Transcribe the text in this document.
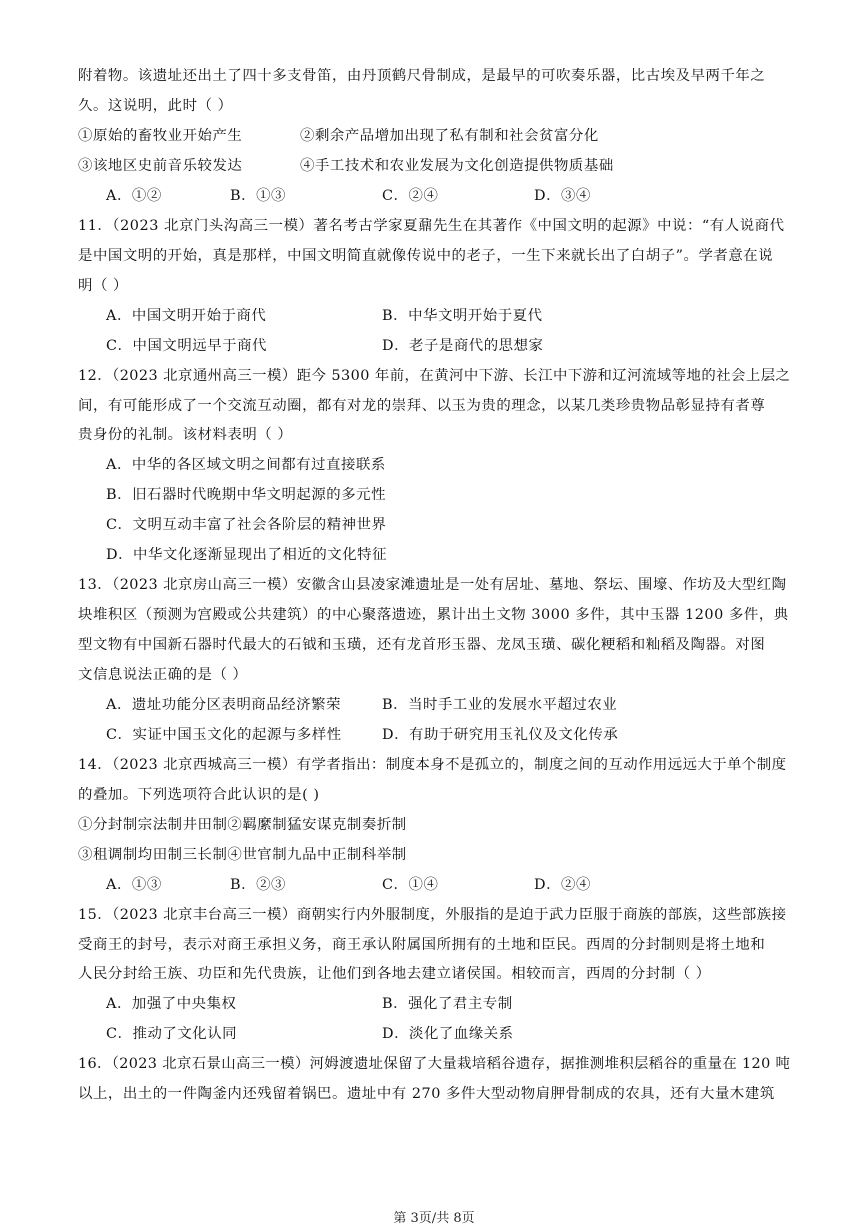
附着物。该遗址还出土了四十多支骨笛，由丹顶鹤尺骨制成，是最早的可吹奏乐器，比古埃及早两千年之
久。这说明，此时（ ）
①原始的畜牧业开始产生	②剩余产品增加出现了私有制和社会贫富分化
③该地区史前音乐较发达	④手工技术和农业发展为文化创造提供物质基础
A．①②	B．①③	C．②④	D．③④
11．（2023 北京门头沟高三一模）著名考古学家夏鼐先生在其著作《中国文明的起源》中说：“有人说商代
是中国文明的开始，真是那样，中国文明简直就像传说中的老子，一生下来就长出了白胡子”。学者意在说
明（ ）
A．中国文明开始于商代	B．中华文明开始于夏代
C．中国文明远早于商代	D．老子是商代的思想家
12．（2023 北京通州高三一模）距今 5300 年前，在黄河中下游、长江中下游和辽河流域等地的社会上层之
间，有可能形成了一个交流互动圈，都有对龙的崇拜、以玉为贵的理念，以某几类珍贵物品彰显持有者尊
贵身份的礼制。该材料表明（ ）
A．中华的各区域文明之间都有过直接联系
B．旧石器时代晚期中华文明起源的多元性
C．文明互动丰富了社会各阶层的精神世界
D．中华文化逐渐显现出了相近的文化特征
13．（2023 北京房山高三一模）安徽含山县凌家滩遗址是一处有居址、墓地、祭坛、围壕、作坊及大型红陶
块堆积区（预测为宫殿或公共建筑）的中心聚落遗迹，累计出土文物 3000 多件，其中玉器 1200 多件，典
型文物有中国新石器时代最大的石钺和玉璜，还有龙首形玉器、龙凤玉璜、碳化粳稻和籼稻及陶器。对图
文信息说法正确的是（ ）
A．遗址功能分区表明商品经济繁荣	B．当时手工业的发展水平超过农业
C．实证中国玉文化的起源与多样性	D．有助于研究用玉礼仪及文化传承
14．（2023 北京西城高三一模）有学者指出：制度本身不是孤立的，制度之间的互动作用远远大于单个制度
的叠加。下列选项符合此认识的是( )
①分封制宗法制井田制②羁縻制猛安谋克制奏折制
③租调制均田制三长制④世官制九品中正制科举制
A．①③	B．②③	C．①④	D．②④
15．（2023 北京丰台高三一模）商朝实行内外服制度，外服指的是迫于武力臣服于商族的部族，这些部族接
受商王的封号，表示对商王承担义务，商王承认附属国所拥有的土地和臣民。西周的分封制则是将土地和
人民分封给王族、功臣和先代贵族，让他们到各地去建立诸侯国。相较而言，西周的分封制（ ）
A．加强了中央集权	B．强化了君主专制
C．推动了文化认同	D．淡化了血缘关系
16．（2023 北京石景山高三一模）河姆渡遗址保留了大量栽培稻谷遗存，据推测堆积层稻谷的重量在 120 吨
以上，出土的一件陶釜内还残留着锅巴。遗址中有 270 多件大型动物肩胛骨制成的农具，还有大量木建筑
第 3页/共 8页
